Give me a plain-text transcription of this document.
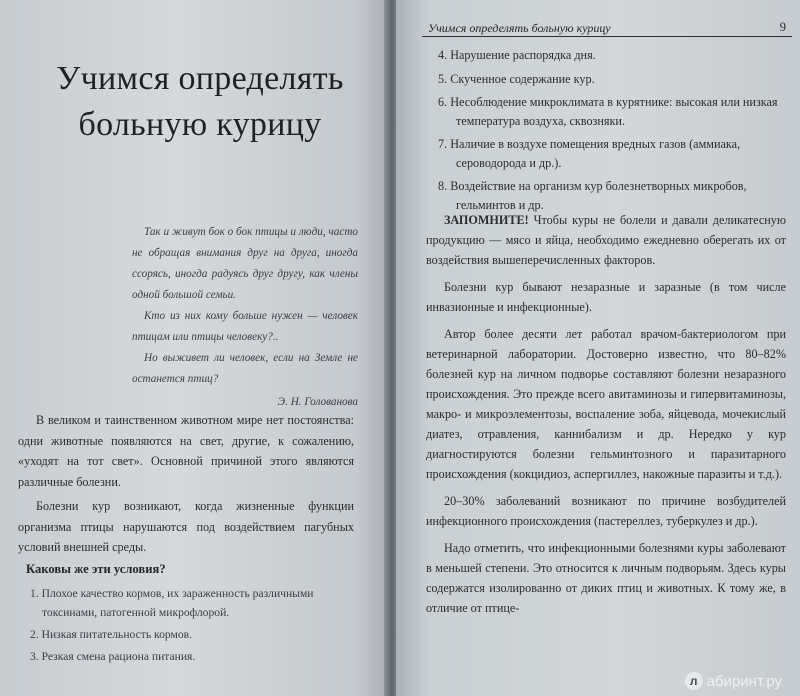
Учимся определять
больную курицу

Так и живут бок о бок птицы и люди, часто не обращая внимания друг на друга, иногда ссорясь, иногда радуясь друг другу, как члены одной большой семьи.

Кто из них кому больше нужен — человек птицам или птицы человеку?..

Но выживет ли человек, если на Земле не останется птиц?

Э. Н. Голованова

В великом и таинственном животном мире нет постоянства: одни животные появляются на свет, другие, к сожалению, «уходят на тот свет». Основной причиной этого являются различные болезни.

Болезни кур возникают, когда жизненные функции организма птицы нарушаются под воздействием пагубных условий внешней среды.

Каковы же эти условия?
1. Плохое качество кормов, их зараженность различными токсинами, патогенной микрофлорой.
2. Низкая питательность кормов.
3. Резкая смена рациона питания.
Учимся определять больную курицу	9
4. Нарушение распорядка дня.
5. Скученное содержание кур.
6. Несоблюдение микроклимата в курятнике: высокая или низкая температура воздуха, сквозняки.
7. Наличие в воздухе помещения вредных газов (аммиака, сероводорода и др.).
8. Воздействие на организм кур болезнетворных микробов, гельминтов и др.

ЗАПОМНИТЕ! Чтобы куры не болели и давали деликатесную продукцию — мясо и яйца, необходимо ежедневно оберегать их от воздействия вышеперечисленных факторов.

Болезни кур бывают незаразные и заразные (в том числе инвазионные и инфекционные).

Автор более десяти лет работал врачом-бактериологом при ветеринарной лаборатории. Достоверно известно, что 80–82% болезней кур на личном подворье составляют болезни незаразного происхождения. Это прежде всего авитаминозы и гипервитаминозы, макро- и микроэлементозы, воспаление зоба, яйцевода, мочекислый диатез, отравления, каннибализм и др. Нередко у кур диагностируются болезни гельминтозного и паразитарного происхождения (кокцидиоз, аспергиллез, накожные паразиты и т.д.).

20–30% заболеваний возникают по причине возбудителей инфекционного происхождения (пастереллез, туберкулез и др.).

Надо отметить, что инфекционными болезнями куры заболевают в меньшей степени. Это относится к личным подворьям. Здесь куры содержатся изолированно от диких птиц и животных. К тому же, в отличие от птице-

л абиринт.ру
